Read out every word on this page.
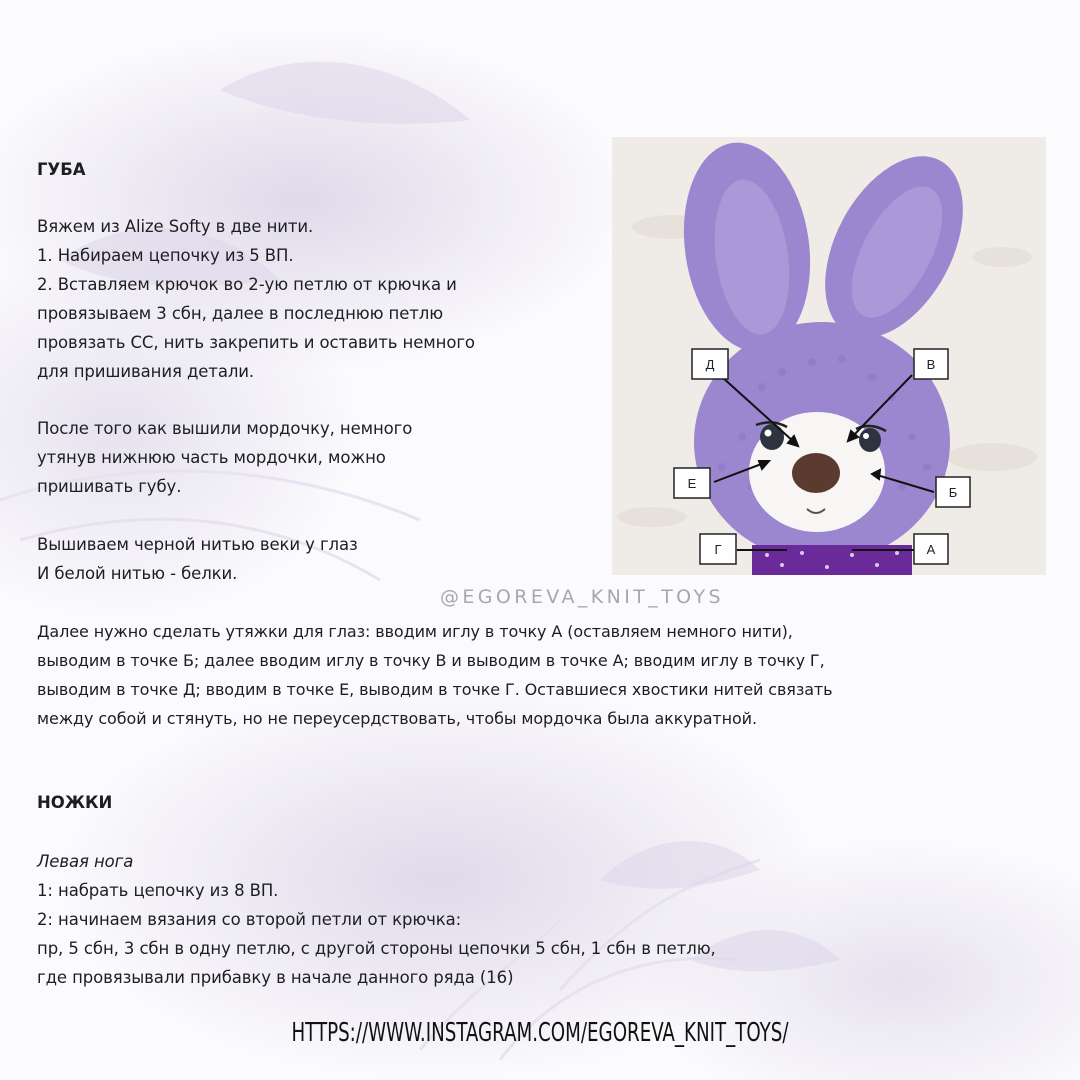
Д	В
Е
Б
Г	А
@EGOREVA_KNIT_TOYS
ГУБА
Вяжем из Alize Softy в две нити.
1. Набираем цепочку из 5 ВП.
2. Вставляем крючок во 2-ую петлю от крючка и
провязываем 3 сбн, далее в последнюю петлю
провязать СС, нить закрепить и оставить немного
для пришивания детали.
После того как вышили мордочку, немного
утянув нижнюю часть мордочки, можно
пришивать губу.
Вышиваем черной нитью веки у глаз
И белой нитью - белки.
Далее нужно сделать утяжки для глаз: вводим иглу в точку А (оставляем немного нити),
выводим в точке Б; далее вводим иглу в точку В и выводим в точке А; вводим иглу в точку Г,
выводим в точке Д; вводим в точке Е, выводим в точке Г. Оставшиеся хвостики нитей связать
между собой и стянуть, но не переусердствовать, чтобы мордочка была аккуратной.
НОЖКИ
Левая нога
1: набрать цепочку из 8 ВП.
2: начинаем вязания со второй петли от крючка:
пр, 5 сбн, 3 сбн в одну петлю, с другой стороны цепочки 5 сбн, 1 сбн в петлю,
где провязывали прибавку в начале данного ряда (16)
HTTPS://WWW.INSTAGRAM.COM/EGOREVA_KNIT_TOYS/
